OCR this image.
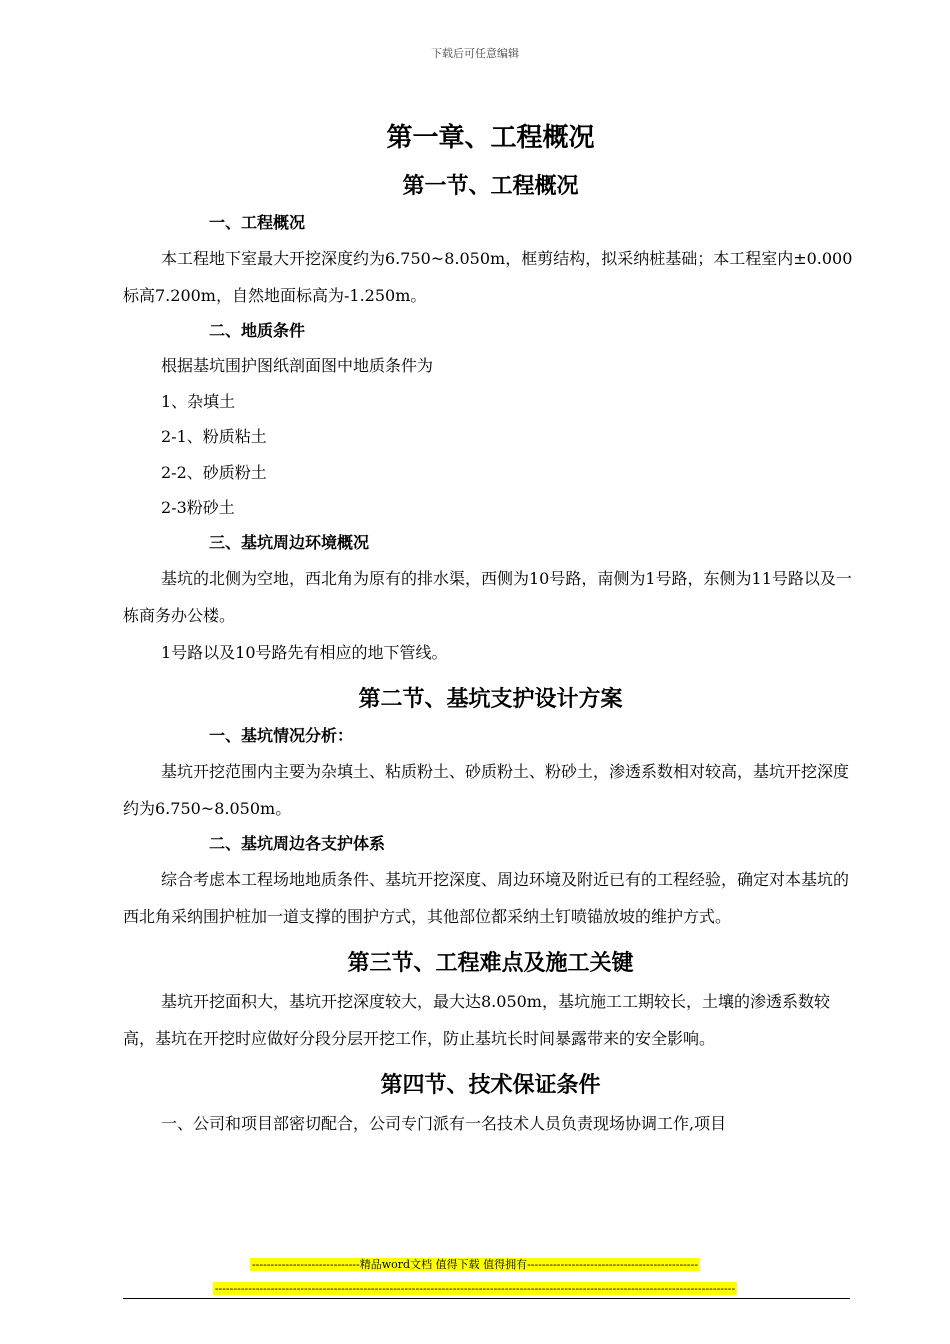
下载后可任意编辑
第一章、工程概况
第一节、工程概况
一、工程概况

本工程地下室最大开挖深度约为6.750~8.050m，框剪结构，拟采纳桩基础；本工程室内±0.000标高7.200m，自然地面标高为-1.250m。

二、地质条件

根据基坑围护图纸剖面图中地质条件为

1、杂填土

2-1、粉质粘土

2-2、砂质粉土

2-3粉砂土

三、基坑周边环境概况

基坑的北侧为空地，西北角为原有的排水渠，西侧为10号路，南侧为1号路，东侧为11号路以及一栋商务办公楼。

1号路以及10号路先有相应的地下管线。

第二节、基坑支护设计方案
一、基坑情况分析：

基坑开挖范围内主要为杂填土、粘质粉土、砂质粉土、粉砂土，渗透系数相对较高，基坑开挖深度约为6.750~8.050m。

二、基坑周边各支护体系

综合考虑本工程场地地质条件、基坑开挖深度、周边环境及附近已有的工程经验，确定对本基坑的西北角采纳围护桩加一道支撑的围护方式，其他部位都采纳土钉喷锚放坡的维护方式。

第三节、工程难点及施工关键

基坑开挖面积大，基坑开挖深度较大，最大达8.050m，基坑施工工期较长，土壤的渗透系数较高，基坑在开挖时应做好分段分层开挖工作，防止基坑长时间暴露带来的安全影响。

第四节、技术保证条件

一、公司和项目部密切配合，公司专门派有一名技术人员负责现场协调工作,项目

-----------------------------精品word文档 值得下载 值得拥有----------------------------------------------
--------------------------------------------------------------------------------------------------------------------------------------------
